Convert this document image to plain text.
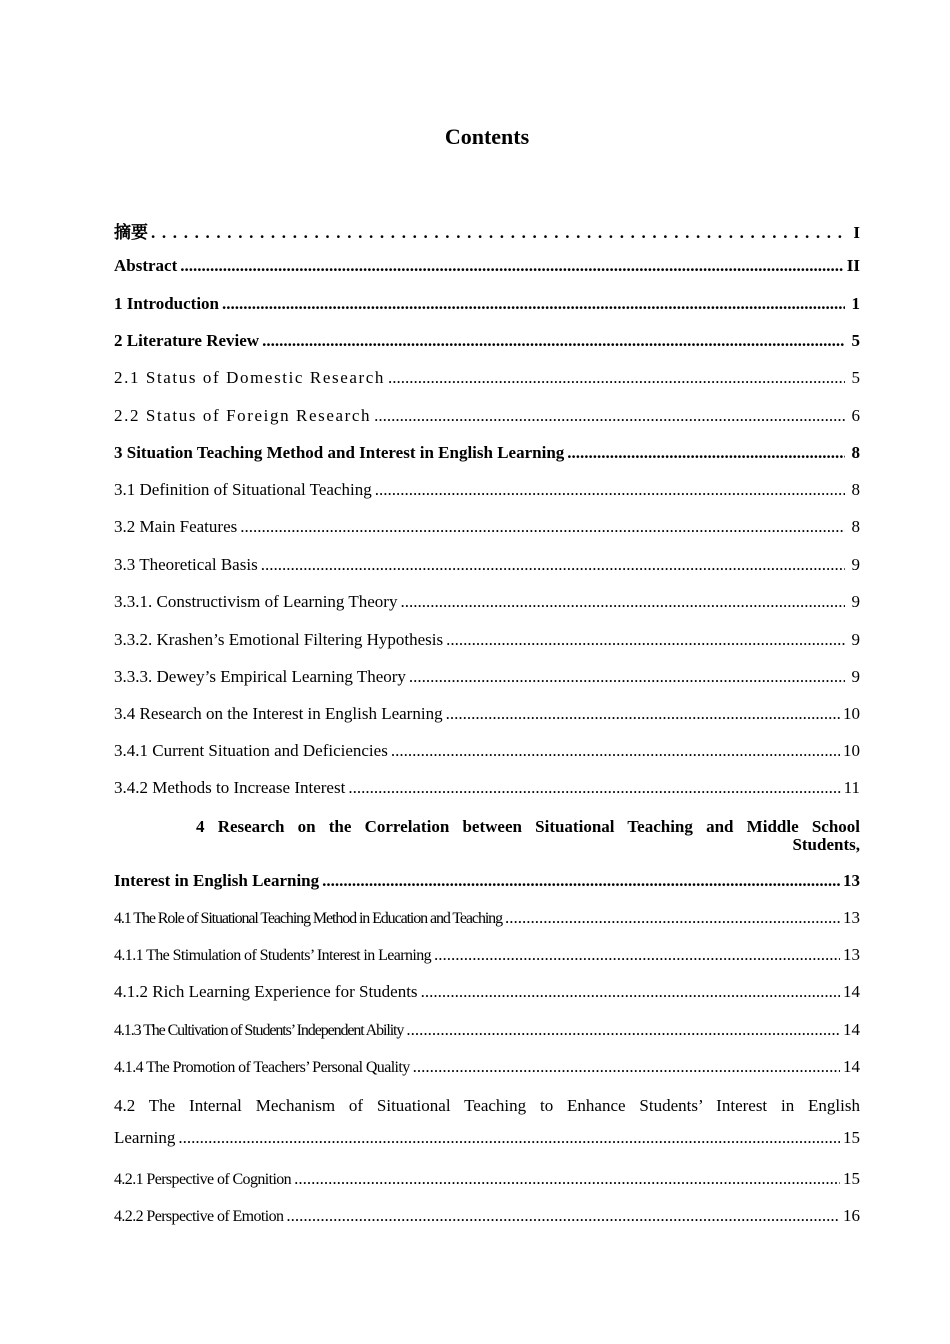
Contents
摘要 . . .	I
Abstract .....	II
1 Introduction .....	1
2 Literature Review .....	5
2.1 Status of Domestic Research .....	5
2.2 Status of Foreign Research .....	6
3 Situation Teaching Method and Interest in English Learning .....	8
3.1 Definition of Situational Teaching .....	8
3.2 Main Features .....	8
3.3 Theoretical Basis .....	9
3.3.1. Constructivism of Learning Theory .....	9
3.3.2. Krashen’s Emotional Filtering Hypothesis .....	9
3.3.3. Dewey’s Empirical Learning Theory .....	9
3.4 Research on the Interest in English Learning .....	10
3.4.1 Current Situation and Deficiencies .....	10
3.4.2 Methods to Increase Interest .....	11
4 Research on the Correlation between Situational Teaching and Middle School
Students,
Interest in English Learning .....	13
4.1 The Role of Situational Teaching Method in Education and Teaching .....	13
4.1.1 The Stimulation of Students’ Interest in Learning .....	13
4.1.2 Rich Learning Experience for Students .....	14
4.1.3 The Cultivation of Students’ Independent Ability .....	14
4.1.4 The Promotion of Teachers’ Personal Quality .....	14
4.2 The Internal Mechanism of Situational Teaching to Enhance Students’ Interest in English
Learning .....	15
4.2.1 Perspective of Cognition .....	15
4.2.2 Perspective of Emotion .....	16
